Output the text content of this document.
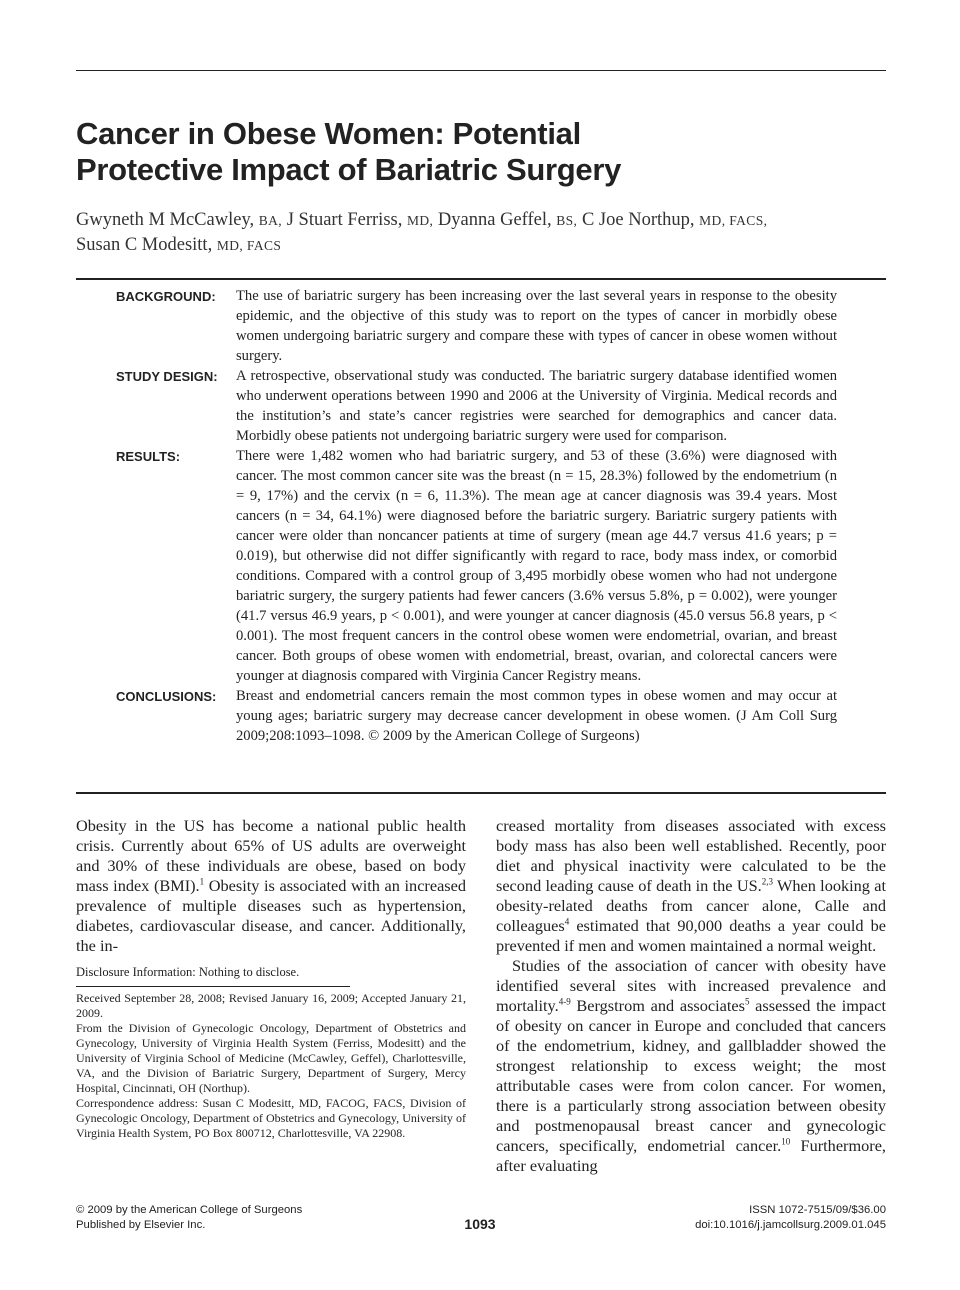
Cancer in Obese Women: Potential
Protective Impact of Bariatric Surgery
Gwyneth M McCawley, BA, J Stuart Ferriss, MD, Dyanna Geffel, BS, C Joe Northup, MD, FACS,
Susan C Modesitt, MD, FACS
BACKGROUND: The use of bariatric surgery has been increasing over the last several years in response to the obesity epidemic, and the objective of this study was to report on the types of cancer in morbidly obese women undergoing bariatric surgery and compare these with types of cancer in obese women without surgery.
STUDY DESIGN: A retrospective, observational study was conducted. The bariatric surgery database identified women who underwent operations between 1990 and 2006 at the University of Virginia. Medical records and the institution’s and state’s cancer registries were searched for demographics and cancer data. Morbidly obese patients not undergoing bariatric surgery were used for comparison.
RESULTS:	There were 1,482 women who had bariatric surgery, and 53 of these (3.6%) were diagnosed with cancer. The most common cancer site was the breast (n = 15, 28.3%) followed by the endometrium (n = 9, 17%) and the cervix (n = 6, 11.3%). The mean age at cancer diagnosis was 39.4 years. Most cancers (n = 34, 64.1%) were diagnosed before the bariatric surgery. Bariatric surgery patients with cancer were older than noncancer patients at time of surgery (mean age 44.7 versus 41.6 years; p = 0.019), but otherwise did not differ significantly with regard to race, body mass index, or comorbid conditions. Compared with a control group of 3,495 morbidly obese women who had not undergone bariatric surgery, the surgery patients had fewer cancers (3.6% versus 5.8%, p = 0.002), were younger (41.7 versus 46.9 years, p < 0.001), and were younger at cancer diagnosis (45.0 versus 56.8 years, p < 0.001). The most frequent cancers in the control obese women were endometrial, ovarian, and breast cancer. Both groups of obese women with endometrial, breast, ovarian, and colorectal cancers were younger at diagnosis compared with Virginia Cancer Registry means.
CONCLUSIONS: Breast and endometrial cancers remain the most common types in obese women and may occur at young ages; bariatric surgery may decrease cancer development in obese women. (J Am Coll Surg 2009;208:1093–1098. © 2009 by the American College of Surgeons)

Obesity in the US has become a national public health crisis. Currently about 65% of US adults are overweight and 30% of these individuals are obese, based on body mass index (BMI).$^1$ Obesity is associated with an increased prevalence of multiple diseases such as hypertension, diabetes, cardiovascular disease, and cancer. Additionally, the in-

Disclosure Information: Nothing to disclose.

Received September 28, 2008; Revised January 16, 2009; Accepted January 21, 2009.

From the Division of Gynecologic Oncology, Department of Obstetrics and Gynecology, University of Virginia Health System (Ferriss, Modesitt) and the University of Virginia School of Medicine (McCawley, Geffel), Charlottesville, VA, and the Division of Bariatric Surgery, Department of Surgery, Mercy Hospital, Cincinnati, OH (Northup).

Correspondence address: Susan C Modesitt, MD, FACOG, FACS, Division of Gynecologic Oncology, Department of Obstetrics and Gynecology, University of Virginia Health System, PO Box 800712, Charlottesville, VA 22908.

creased mortality from diseases associated with excess body mass has also been well established. Recently, poor diet and physical inactivity were calculated to be the second leading cause of death in the US.$^{2,3}$ When looking at obesity-related deaths from cancer alone, Calle and colleagues$^4$ estimated that 90,000 deaths a year could be prevented if men and women maintained a normal weight.

Studies of the association of cancer with obesity have identified several sites with increased prevalence and mortality.$^{4-9}$ Bergstrom and associates$^5$ assessed the impact of obesity on cancer in Europe and concluded that cancers of the endometrium, kidney, and gallbladder showed the strongest relationship to excess weight; the most attributable cases were from colon cancer. For women, there is a particularly strong association between obesity and postmenopausal breast cancer and gynecologic cancers, specifically, endometrial cancer.$^{10}$ Furthermore, after evaluating

© 2009 by the American College of Surgeons
Published by Elsevier Inc.	1093
ISSN 1072-7515/09/$36.00
doi:10.1016/j.jamcollsurg.2009.01.045
